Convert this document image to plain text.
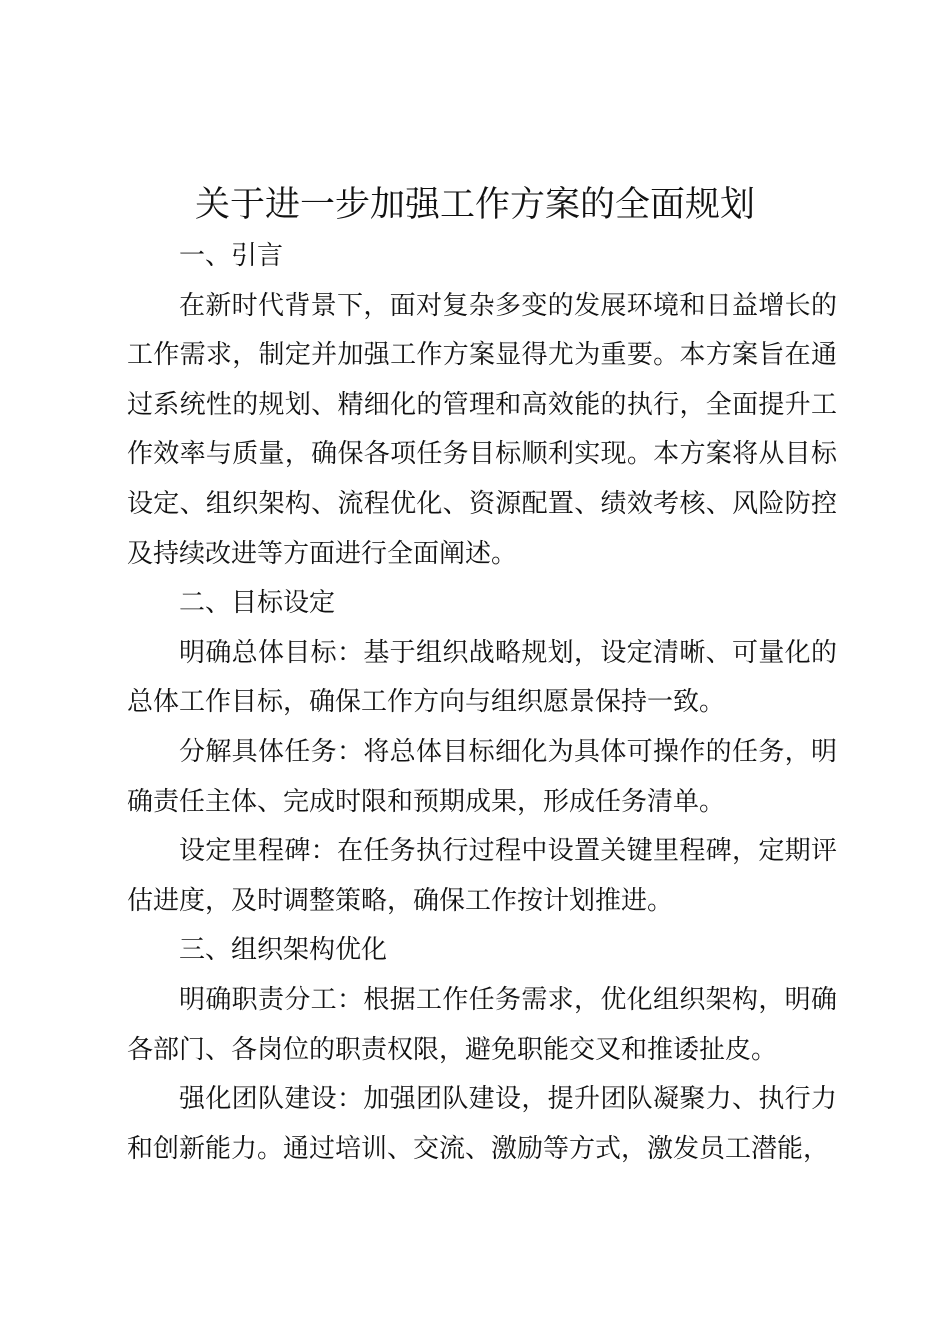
关于进一步加强工作方案的全面规划

一、引言

在新时代背景下，面对复杂多变的发展环境和日益增长的工作需求，制定并加强工作方案显得尤为重要。本方案旨在通过系统性的规划、精细化的管理和高效能的执行，全面提升工作效率与质量，确保各项任务目标顺利实现。本方案将从目标设定、组织架构、流程优化、资源配置、绩效考核、风险防控及持续改进等方面进行全面阐述。

二、目标设定

明确总体目标：基于组织战略规划，设定清晰、可量化的总体工作目标，确保工作方向与组织愿景保持一致。

分解具体任务：将总体目标细化为具体可操作的任务，明确责任主体、完成时限和预期成果，形成任务清单。

设定里程碑：在任务执行过程中设置关键里程碑，定期评估进度，及时调整策略，确保工作按计划推进。

三、组织架构优化

明确职责分工：根据工作任务需求，优化组织架构，明确各部门、各岗位的职责权限，避免职能交叉和推诿扯皮。

强化团队建设：加强团队建设，提升团队凝聚力、执行力和创新能力。通过培训、交流、激励等方式，激发员工潜能，
